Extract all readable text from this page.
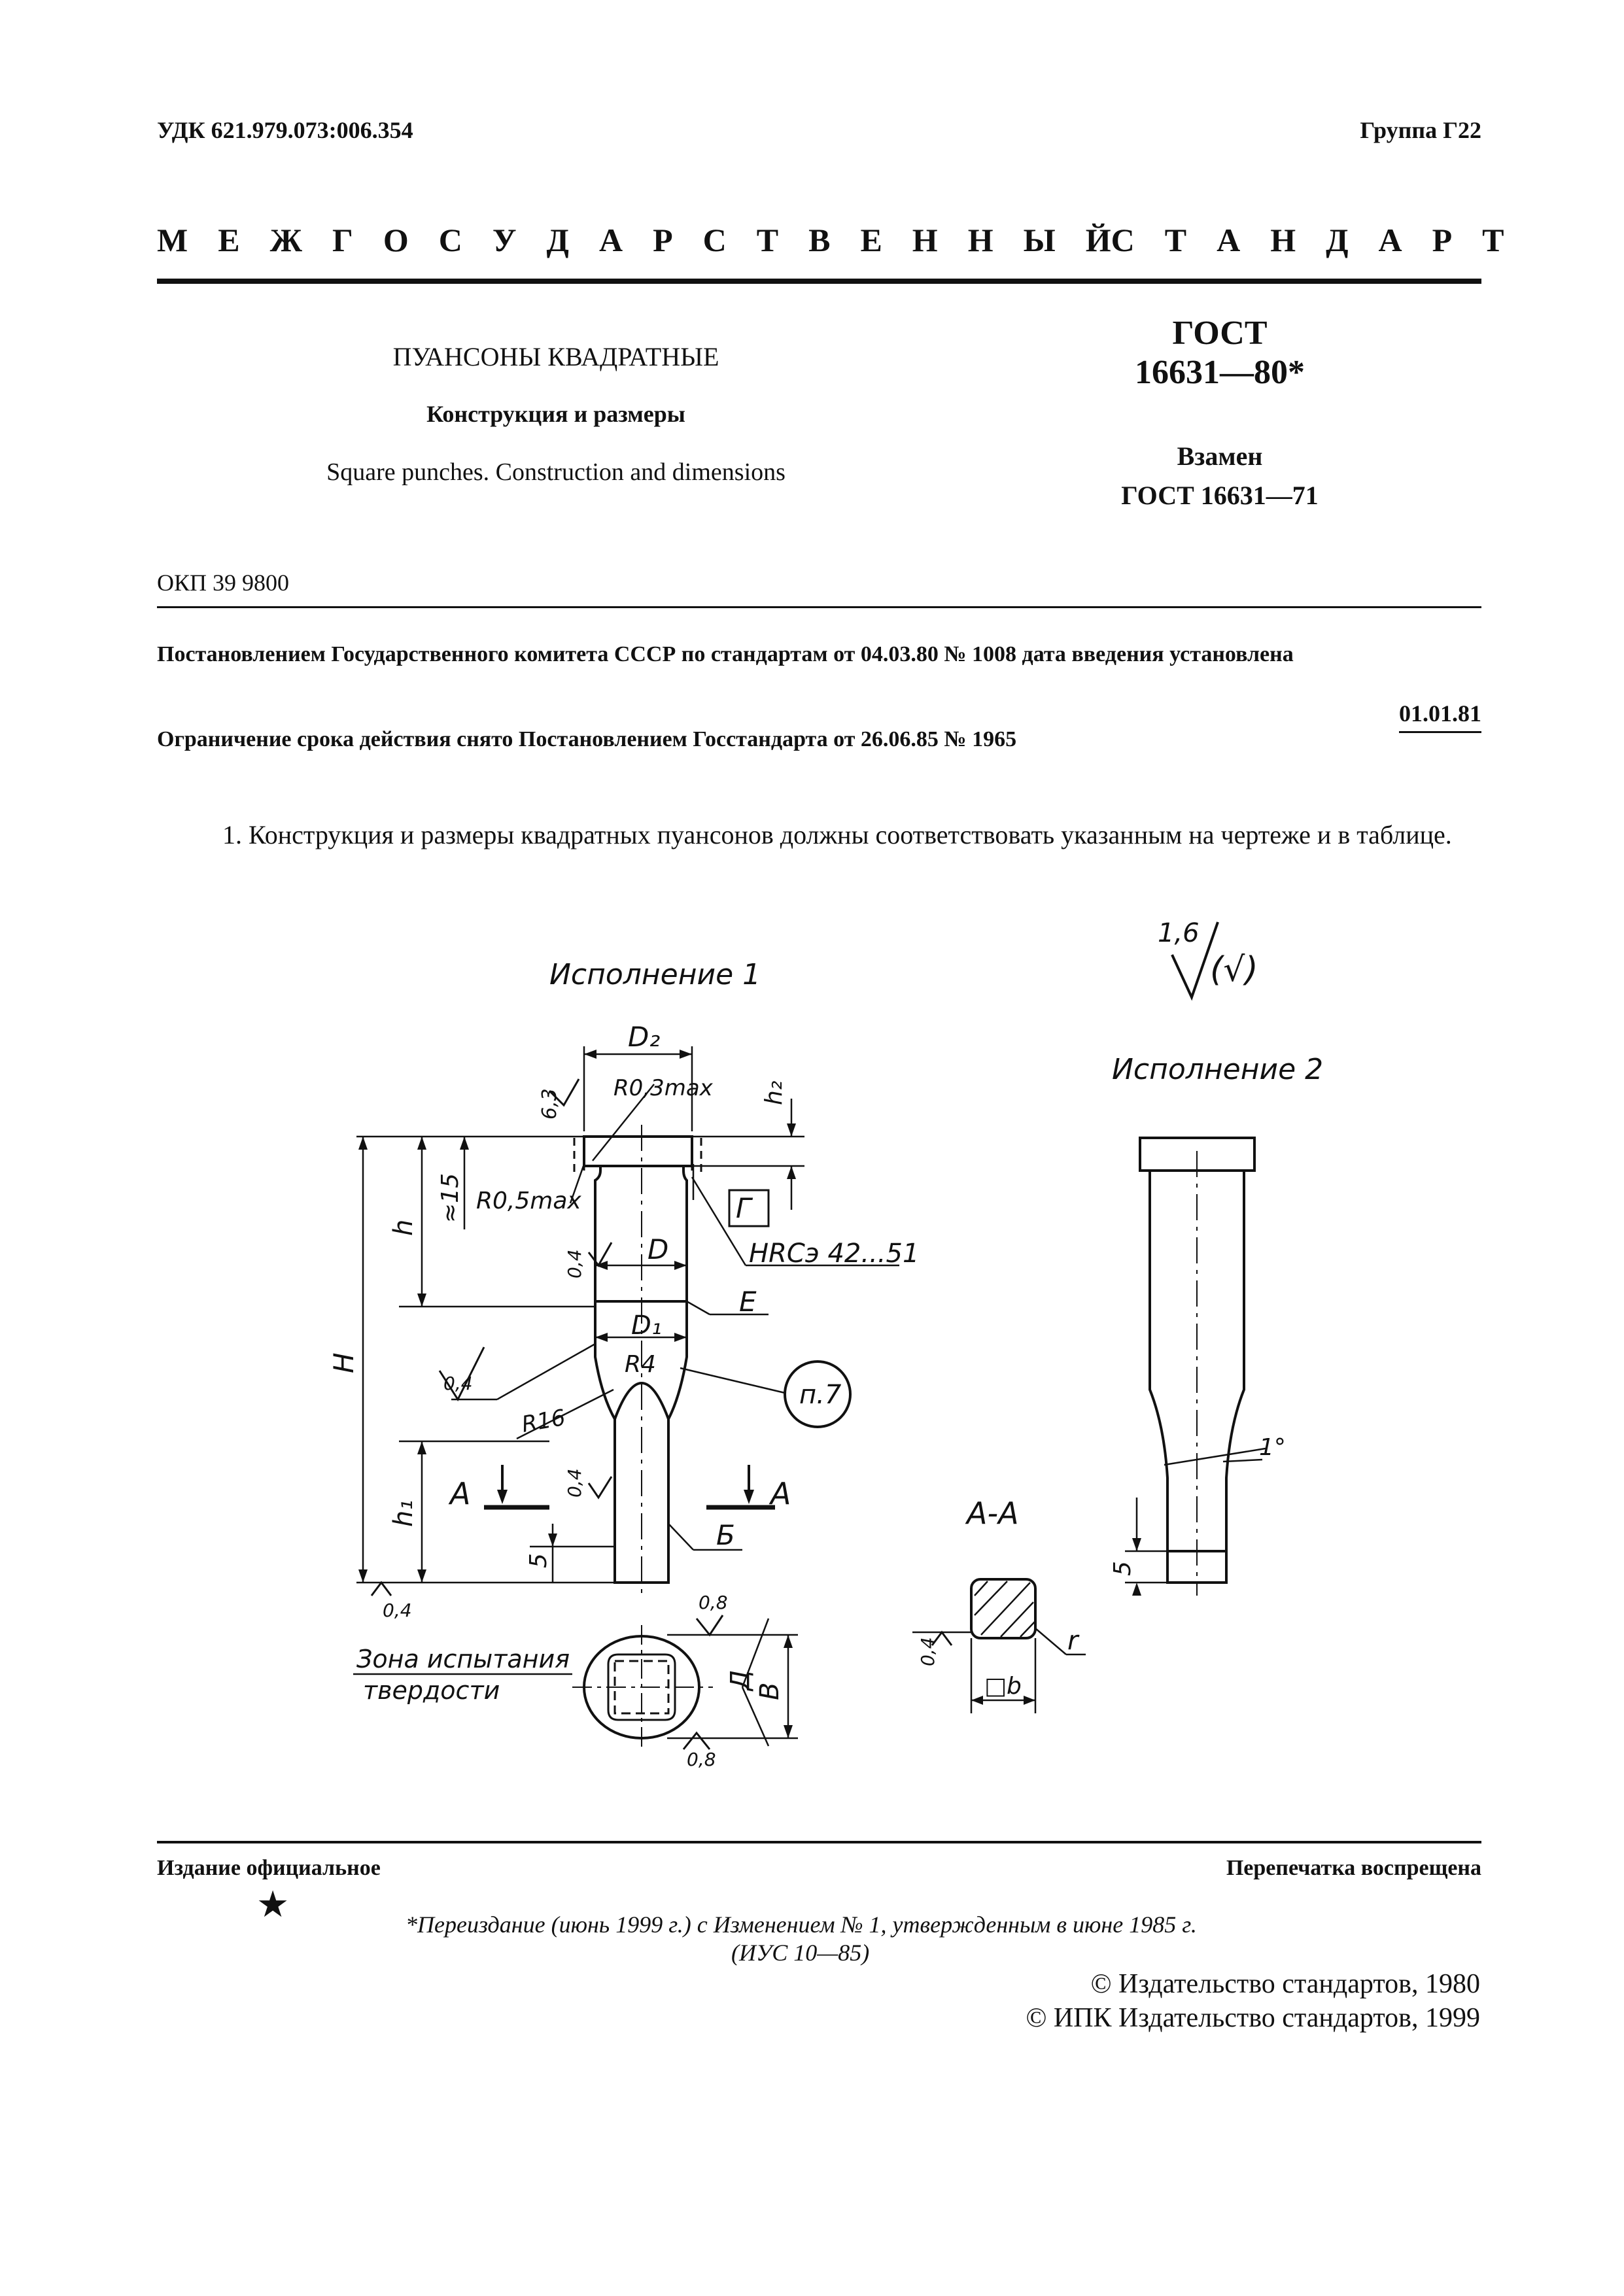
УДК 621.979.073:006.354	Группа Г22
М Е Ж Г О С У Д А Р С Т В Е Н Н Ы Й С Т А Н Д А Р Т
ПУАНСОНЫ КВАДРАТНЫЕ
Конструкция и размеры
Square punches. Construction and dimensions
ГОСТ
16631—80*
Взамен
ГОСТ 16631—71
ОКП 39 9800
Постановлением Государственного комитета СССР по стандартам от 04.03.80 № 1008 дата введения установлена
01.01.81
Ограничение срока действия снято Постановлением Госстандарта от 26.06.85 № 1965
1. Конструкция и размеры квадратных пуансонов должны соответствовать указанным на чертеже и в таблице.
Исполнение 1
Исполнение 2
1,6
(√)
D₂
R0,3max h₂
6,3
≈15 R0,5max	Г
h
0,4 D	HRCэ 42...51
E
H
D₁
R4
п.7
0,4
R16
A	A
0,4
h₁
Б
5
0,4
Зона испытания
твердости
0,8
0,8
Д
В
А-А
0,4
□b
r
1°
5
Издание официальное	Перепечатка воспрещена
★	*Переиздание (июнь 1999 г.) с Изменением № 1, утвержденным в июне 1985 г.
(ИУС 10—85)
© Издательство стандартов, 1980
© ИПК Издательство стандартов, 1999
